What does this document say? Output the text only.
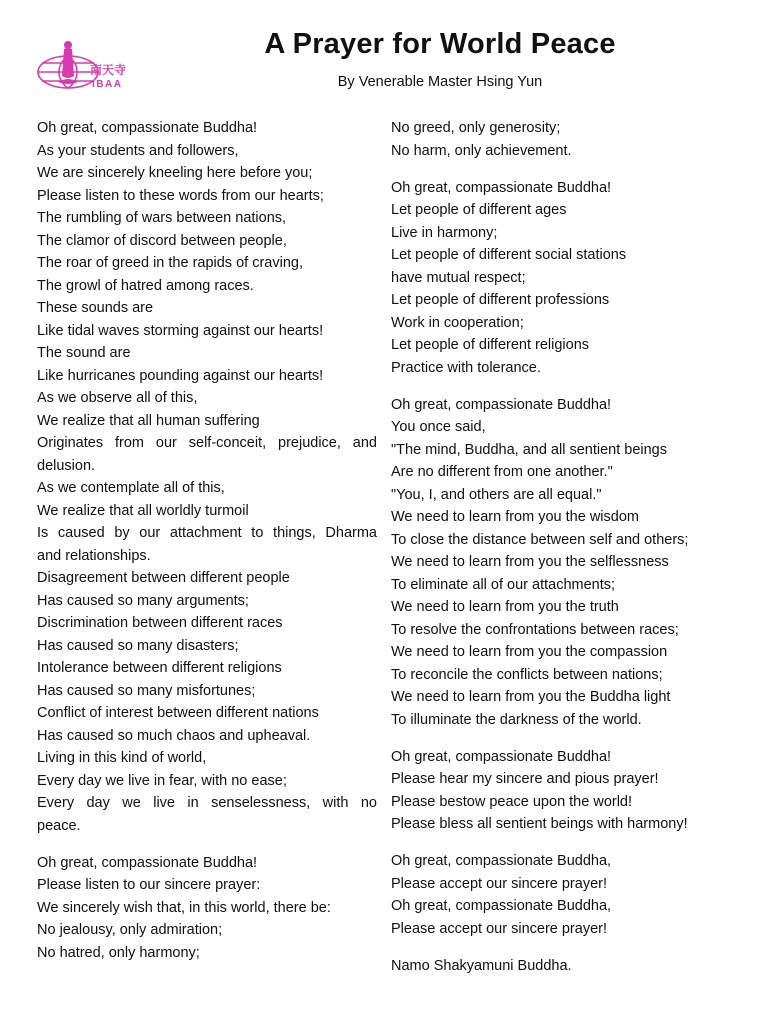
南天寺
IBAA
A Prayer for World Peace
By Venerable Master Hsing Yun
Oh great, compassionate Buddha!
As your students and followers,
We are sincerely kneeling here before you;
Please listen to these words from our hearts;
The rumbling of wars between nations,
The clamor of discord between people,
The roar of greed in the rapids of craving,
The growl of hatred among races.
These sounds are
Like tidal waves storming against our hearts!
The sound are
Like hurricanes pounding against our hearts!
As we observe all of this,
We realize that all human suffering
Originates from our self-conceit, prejudice, and
delusion.
As we contemplate all of this,
We realize that all worldly turmoil
Is caused by our attachment to things, Dharma
and relationships.
Disagreement between different people
Has caused so many arguments;
Discrimination between different races
Has caused so many disasters;
Intolerance between different religions
Has caused so many misfortunes;
Conflict of interest between different nations
Has caused so much chaos and upheaval.
Living in this kind of world,
Every day we live in fear, with no ease;
Every day we live in senselessness, with no
peace.
Oh great, compassionate Buddha!
Please listen to our sincere prayer:
We sincerely wish that, in this world, there be:
No jealousy, only admiration;
No hatred, only harmony;
No greed, only generosity;
No harm, only achievement.
Oh great, compassionate Buddha!
Let people of different ages
Live in harmony;
Let people of different social stations
have mutual respect;
Let people of different professions
Work in cooperation;
Let people of different religions
Practice with tolerance.
Oh great, compassionate Buddha!
You once said,
"The mind, Buddha, and all sentient beings
Are no different from one another."
"You, I, and others are all equal."
We need to learn from you the wisdom
To close the distance between self and others;
We need to learn from you the selflessness
To eliminate all of our attachments;
We need to learn from you the truth
To resolve the confrontations between races;
We need to learn from you the compassion
To reconcile the conflicts between nations;
We need to learn from you the Buddha light
To illuminate the darkness of the world.
Oh great, compassionate Buddha!
Please hear my sincere and pious prayer!
Please bestow peace upon the world!
Please bless all sentient beings with harmony!
Oh great, compassionate Buddha,
Please accept our sincere prayer!
Oh great, compassionate Buddha,
Please accept our sincere prayer!
Namo Shakyamuni Buddha.
